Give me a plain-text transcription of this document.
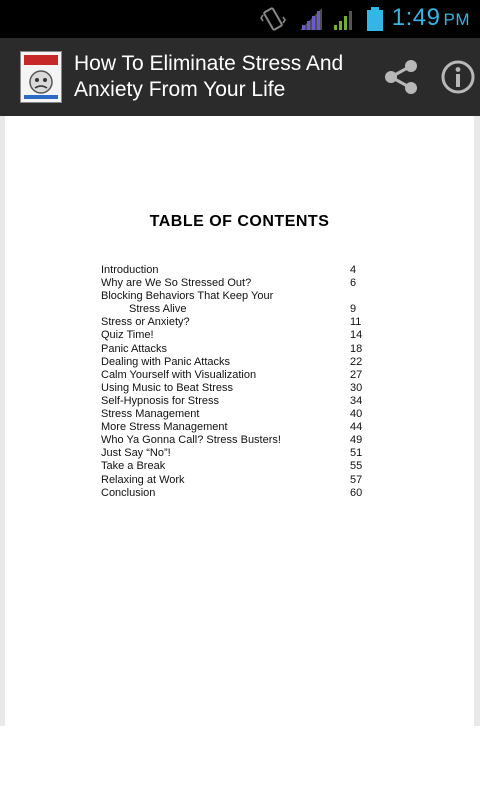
1:49 PM
How To Eliminate Stress And Anxiety From Your Life
TABLE OF CONTENTS
Introduction	4
Why are We So Stressed Out?	6
Blocking Behaviors That Keep Your
Stress Alive	9
Stress or Anxiety?	11
Quiz Time!	14
Panic Attacks	18
Dealing with Panic Attacks	22
Calm Yourself with Visualization	27
Using Music to Beat Stress	30
Self-Hypnosis for Stress	34
Stress Management	40
More Stress Management	44
Who Ya Gonna Call? Stress Busters!	49
Just Say “No”!	51
Take a Break	55
Relaxing at Work	57
Conclusion	60
